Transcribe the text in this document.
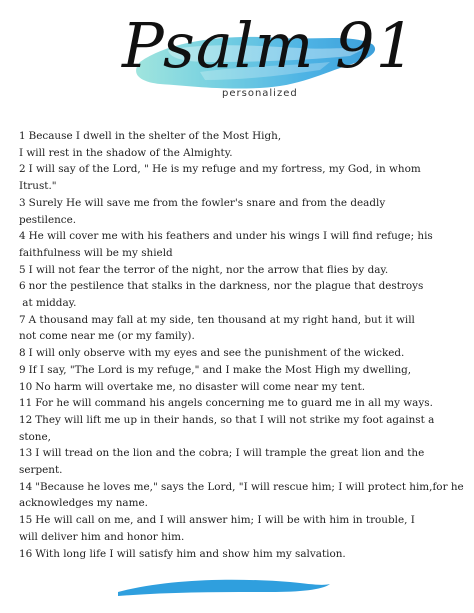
Psalm 91
personalized

1 Because I dwell in the shelter of the Most High,
I will rest in the shadow of the Almighty.

2 I will say of the Lord, " He is my refuge and my fortress, my God, in whom
Itrust."

3 Surely He will save me from the fowler's snare and from the deadly
pestilence.

4 He will cover me with his feathers and under his wings I will find refuge; his
faithfulness will be my shield

5 I will not fear the terror of the night, nor the arrow that flies by day.

6 nor the pestilence that stalks in the darkness, nor the plague that destroys
at midday.

7 A thousand may fall at my side, ten thousand at my right hand, but it will
not come near me (or my family).

8 I will only observe with my eyes and see the punishment of the wicked.

9 If I say, "The Lord is my refuge," and I make the Most High my dwelling,

10 No harm will overtake me, no disaster will come near my tent.

11 For he will command his angels concerning me to guard me in all my ways.

12 They will lift me up in their hands, so that I will not strike my foot against a
stone,

13 I will tread on the lion and the cobra; I will trample the great lion and the
serpent.

14 "Because he loves me," says the Lord, "I will rescue him; I will protect him,for he
acknowledges my name.

15 He will call on me, and I will answer him; I will be with him in trouble, I
will deliver him and honor him.

16 With long life I will satisfy him and show him my salvation.
